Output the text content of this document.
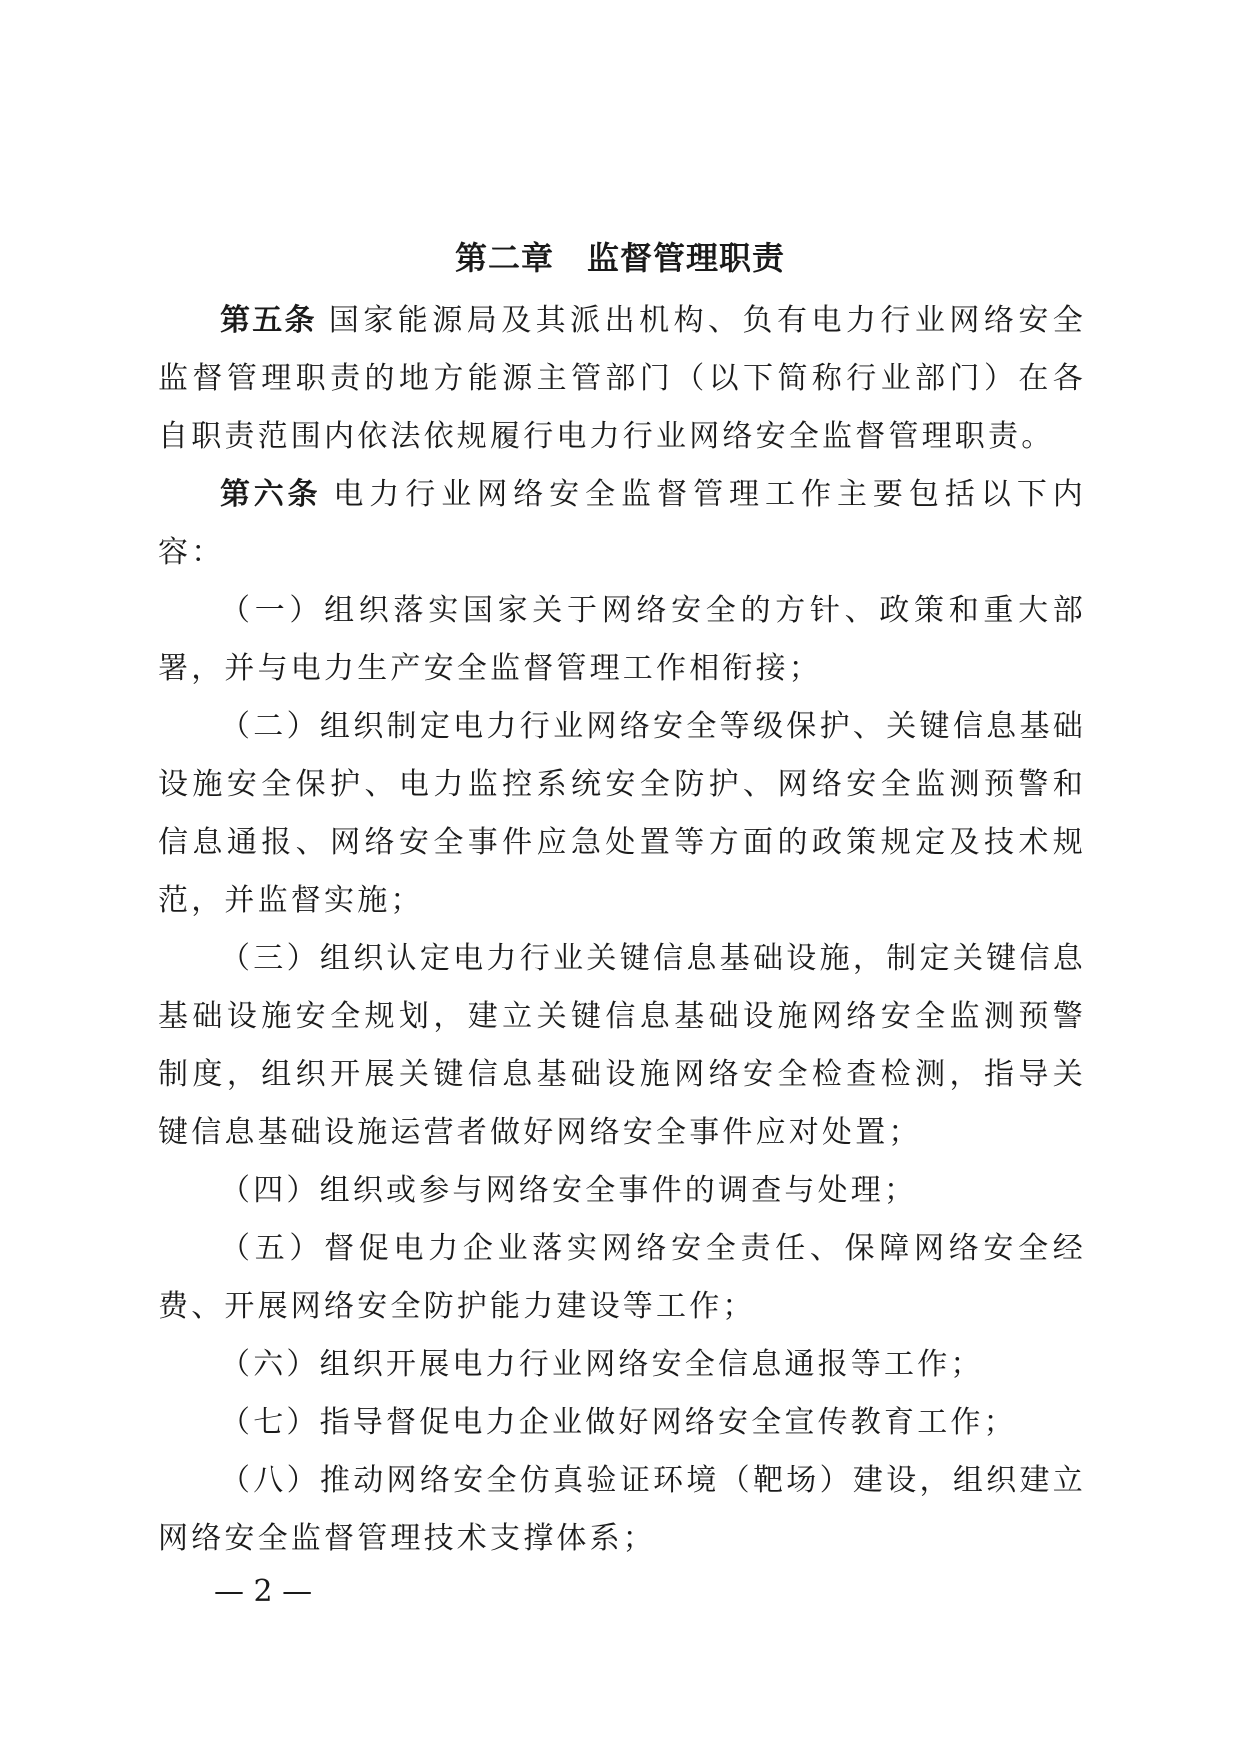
第二章　监督管理职责

第五条 国家能源局及其派出机构、负有电力行业网络安全监督管理职责的地方能源主管部门（以下简称行业部门）在各自职责范围内依法依规履行电力行业网络安全监督管理职责。

第六条 电力行业网络安全监督管理工作主要包括以下内容：

（一）组织落实国家关于网络安全的方针、政策和重大部署，并与电力生产安全监督管理工作相衔接；

（二）组织制定电力行业网络安全等级保护、关键信息基础设施安全保护、电力监控系统安全防护、网络安全监测预警和信息通报、网络安全事件应急处置等方面的政策规定及技术规范，并监督实施；

（三）组织认定电力行业关键信息基础设施，制定关键信息基础设施安全规划，建立关键信息基础设施网络安全监测预警制度，组织开展关键信息基础设施网络安全检查检测，指导关键信息基础设施运营者做好网络安全事件应对处置；

（四）组织或参与网络安全事件的调查与处理；

（五）督促电力企业落实网络安全责任、保障网络安全经费、开展网络安全防护能力建设等工作；

（六）组织开展电力行业网络安全信息通报等工作；

（七）指导督促电力企业做好网络安全宣传教育工作；

（八）推动网络安全仿真验证环境（靶场）建设，组织建立网络安全监督管理技术支撑体系；

— 2 —
